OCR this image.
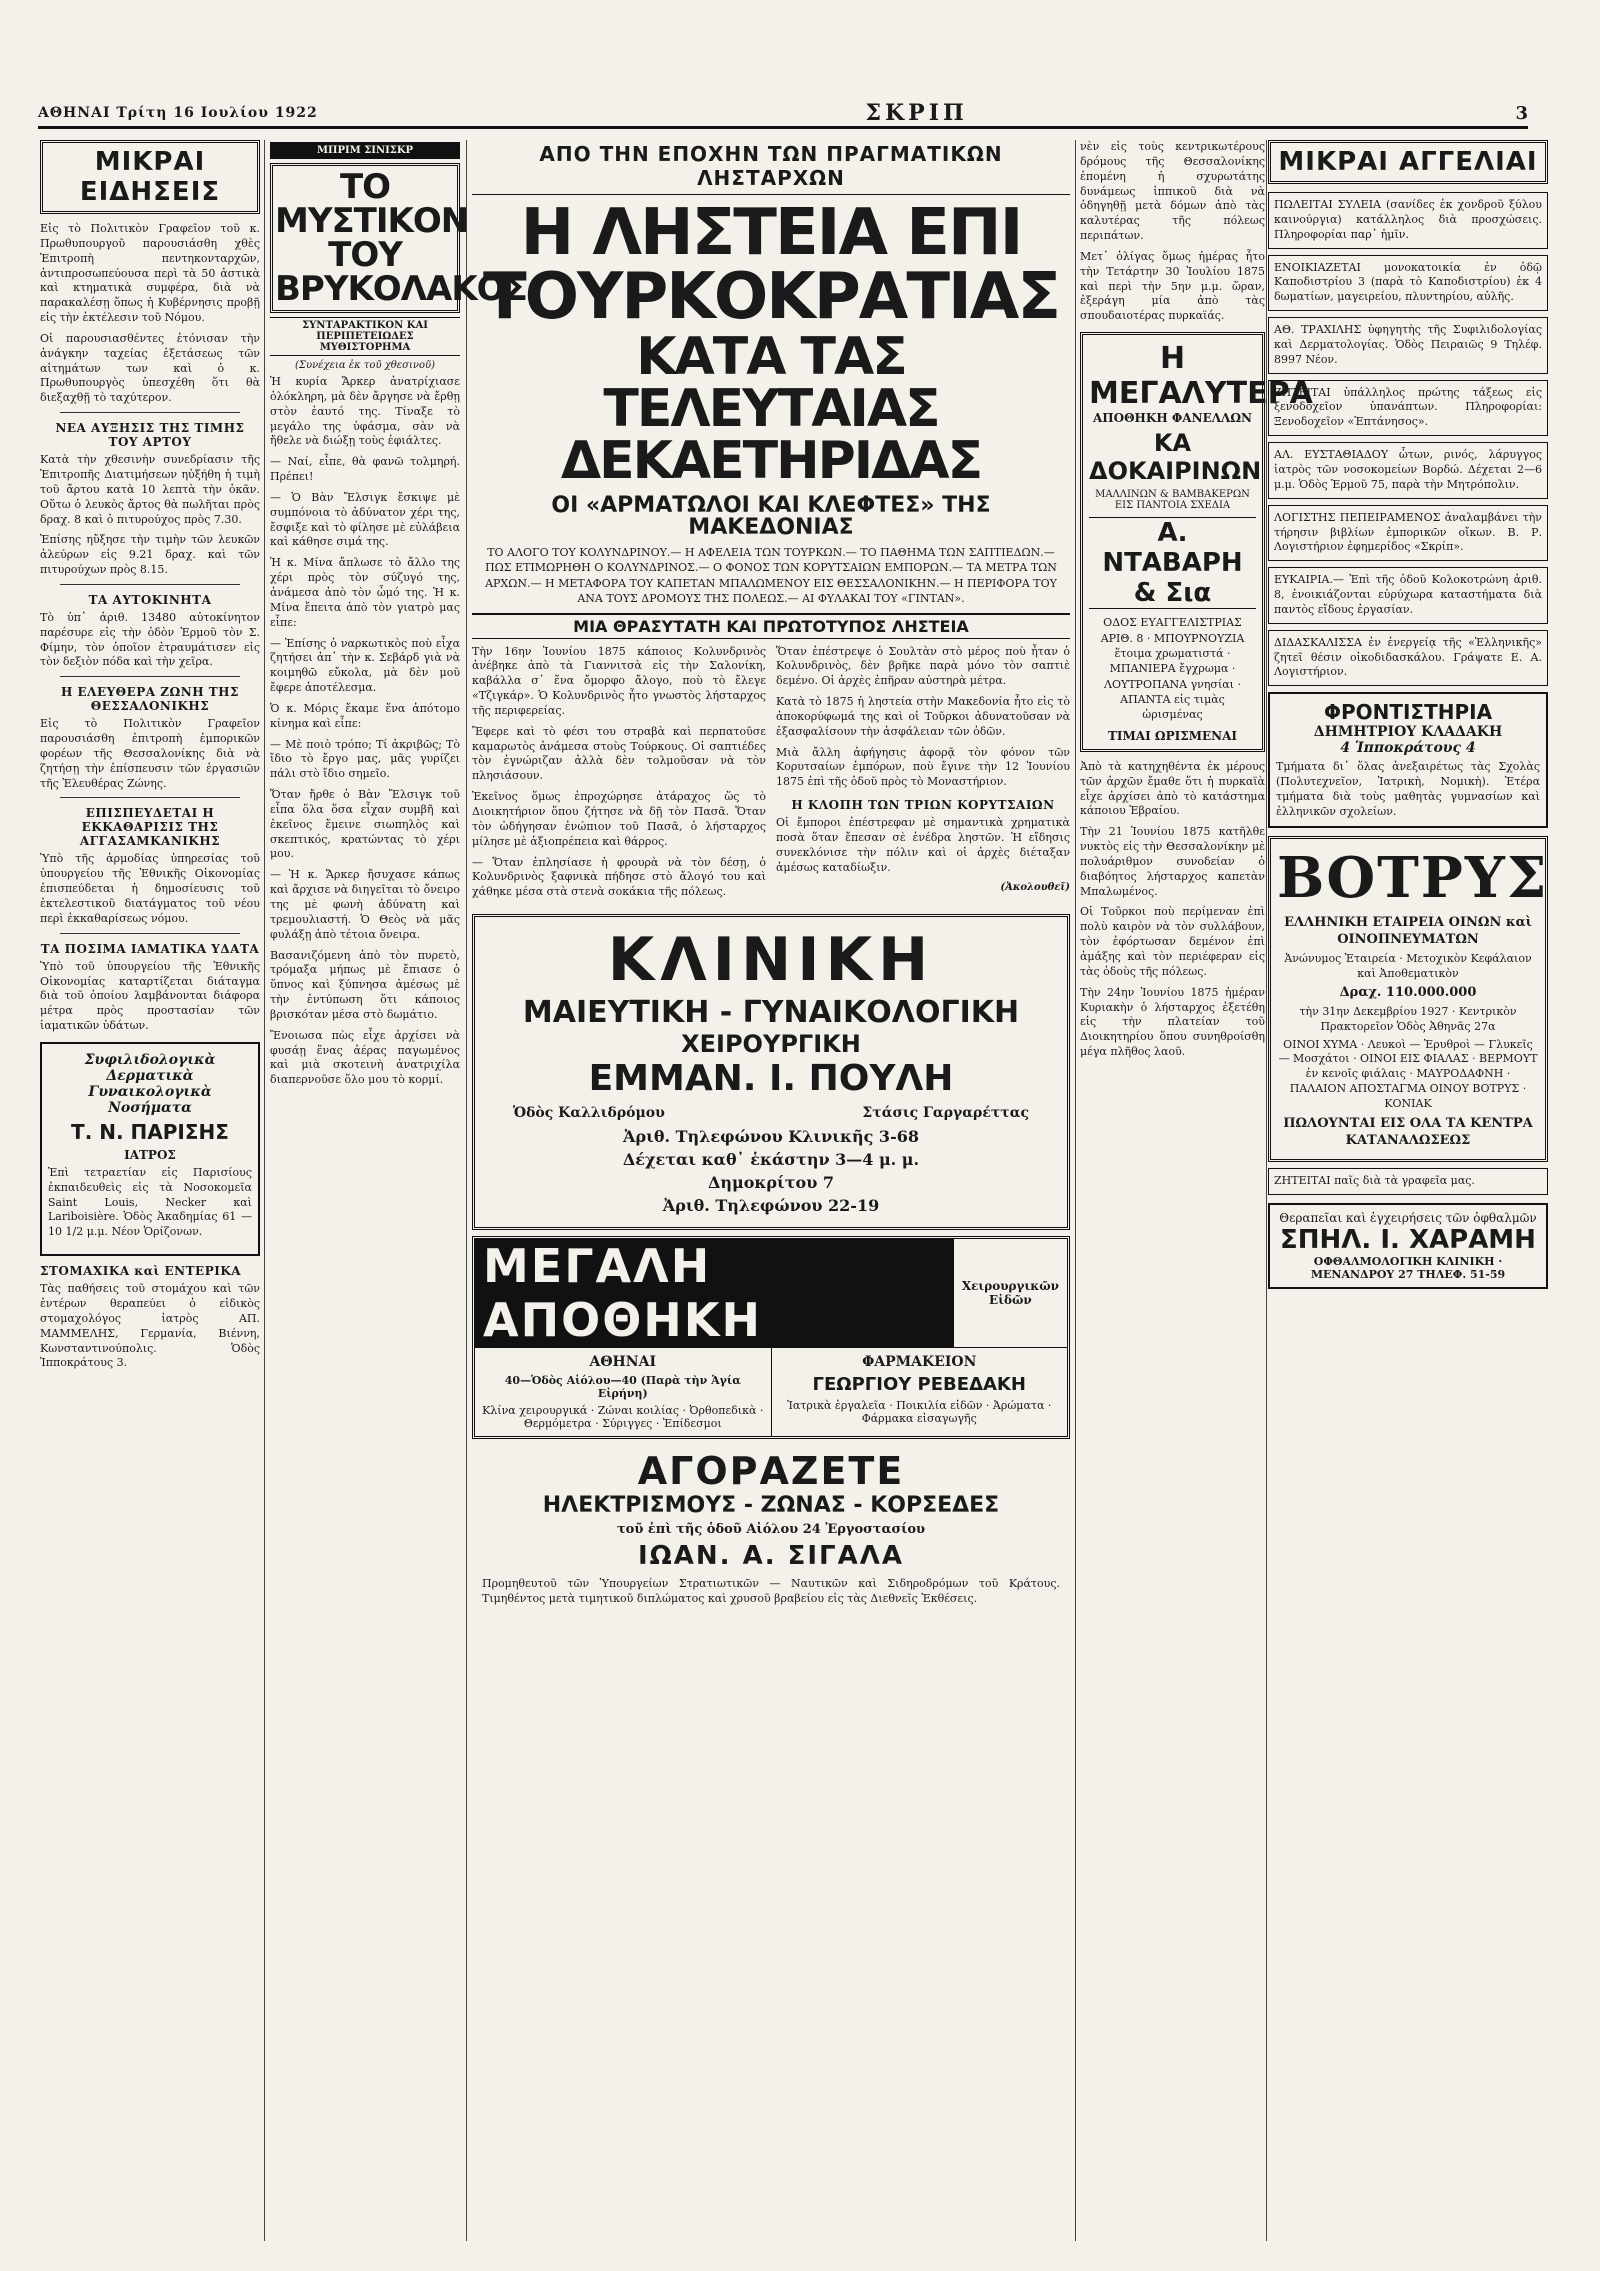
ΑΘΗΝΑΙ Τρίτη 16 Ιουλίου 1922	ΣΚΡΙΠ	3
ΜΙΚΡΑΙ ΕΙΔΗΣΕΙΣ

Εἰς τὸ Πολιτικὸν Γραφεῖον τοῦ κ. Πρωθυπουργοῦ παρουσιάσθη χθὲς Ἐπιτροπὴ πεντηκονταρχῶν, ἀντιπροσωπεύουσα περὶ τὰ 50 ἀστικὰ καὶ κτηματικὰ συμφέρα, διὰ νὰ παρακαλέσῃ ὅπως ἡ Κυβέρνησις προβῇ εἰς τὴν ἐκτέλεσιν τοῦ Νόμου.

Οἱ παρουσιασθέντες ἐτόνισαν τὴν ἀνάγκην ταχείας ἐξετάσεως τῶν αἰτημάτων των καὶ ὁ κ. Πρωθυπουργὸς ὑπεσχέθη ὅτι θὰ διεξαχθῇ τὸ ταχύτερον.

ΝΕΑ ΑΥΞΗΣΙΣ ΤΗΣ ΤΙΜΗΣ ΤΟΥ ΑΡΤΟΥ

Κατὰ τὴν χθεσινὴν συνεδρίασιν τῆς Ἐπιτροπῆς Διατιμήσεων ηὐξήθη ἡ τιμὴ τοῦ ἄρτου κατὰ 10 λεπτὰ τὴν ὀκᾶν. Οὕτω ὁ λευκὸς ἄρτος θὰ πωλῆται πρὸς δραχ. 8 καὶ ὁ πιτυρούχος πρὸς 7.30.

Ἐπίσης ηὔξησε τὴν τιμὴν τῶν λευκῶν ἀλεύρων εἰς 9.21 δραχ. καὶ τῶν πιτυρούχων πρὸς 8.15.

ΤΑ ΑΥΤΟΚΙΝΗΤΑ

Τὸ ὑπ᾽ ἀριθ. 13480 αὐτοκίνητον παρέσυρε εἰς τὴν ὁδὸν Ἑρμοῦ τὸν Σ. Φίμην, τὸν ὁποῖον ἐτραυμάτισεν εἰς τὸν δεξιὸν πόδα καὶ τὴν χεῖρα.

Η ΕΛΕΥΘΕΡΑ ΖΩΝΗ ΤΗΣ ΘΕΣΣΑΛΟΝΙΚΗΣ

Εἰς τὸ Πολιτικὸν Γραφεῖον παρουσιάσθη ἐπιτροπὴ ἐμπορικῶν φορέων τῆς Θεσσαλονίκης διὰ νὰ ζητήσῃ τὴν ἐπίσπευσιν τῶν ἐργασιῶν τῆς Ἐλευθέρας Ζώνης.

ΕΠΙΣΠΕΥΔΕΤΑΙ Η ΕΚΚΑΘΑΡΙΣΙΣ ΤΗΣ ΑΓΓΑΣΑΜΚΑΝΙΚΗΣ

Ὑπὸ τῆς ἁρμοδίας ὑπηρεσίας τοῦ ὑπουργείου τῆς Ἐθνικῆς Οἰκονομίας ἐπισπεύδεται ἡ δημοσίευσις τοῦ ἐκτελεστικοῦ διατάγματος τοῦ νέου περὶ ἐκκαθαρίσεως νόμου.

ΤΑ ΠΟΣΙΜΑ ΙΑΜΑΤΙΚΑ ΥΔΑΤΑ

Ὑπὸ τοῦ ὑπουργείου τῆς Ἐθνικῆς Οἰκονομίας καταρτίζεται διάταγμα διὰ τοῦ ὁποίου λαμβάνονται διάφορα μέτρα πρὸς προστασίαν τῶν ἰαματικῶν ὑδάτων.

Συφιλιδολογικὰ Δερματικὰ Γυναικολογικὰ Νοσήματα
Τ. Ν. ΠΑΡΙΣΗΣ
ΙΑΤΡΟΣ

Ἐπὶ τετραετίαν εἰς Παρισίους ἐκπαιδευθεὶς εἰς τὰ Νοσοκομεῖα Saint Louis, Necker καὶ Lariboisière. Ὁδὸς Ἀκαδημίας 61 — 10 1/2 μ.μ. Νέον Ὁρίζονων.

ΣΤΟΜΑΧΙΚΑ καὶ ΕΝΤΕΡΙΚΑ

Τὰς παθήσεις τοῦ στομάχου καὶ τῶν ἐντέρων θεραπεύει ὁ εἰδικὸς στομαχολόγος ἰατρὸς ΑΠ. ΜΑΜΜΕΛΗΣ, Γερμανία, Βιέννη, Κωνσταντινούπολις. Ὁδὸς Ἰπποκράτους 3.

ΜΠΡΙΜ ΣΙΝΙΣΚΡ
ΤΟ ΜΥΣΤΙΚΟΝ ΤΟΥ ΒΡΥΚΟΛΑΚΟΣ
ΣΥΝΤΑΡΑΚΤΙΚΟΝ ΚΑΙ ΠΕΡΙΠΕΤΕΙΩΔΕΣ ΜΥΘΙΣΤΟΡΗΜΑ
(Συνέχεια ἐκ τοῦ χθεσινοῦ)

Ἡ κυρία Ἄρκερ ἀνατρίχιασε ὁλόκληρη, μὰ δὲν ἄργησε νὰ ἔρθῃ στὸν ἑαυτό της. Τίναξε τὸ μεγάλο της ὑφάσμα, σὰν νὰ ἤθελε νὰ διώξῃ τοὺς ἐφιάλτες.

— Ναί, εἶπε, θὰ φανῶ τολμηρή. Πρέπει!

— Ὁ Βὰν Ἔλσιγκ ἔσκιψε μὲ συμπόνοια τὸ ἀδύνατον χέρι της, ἔσφιξε καὶ τὸ φίλησε μὲ εὐλάβεια καὶ κάθησε σιμά της.

Ἡ κ. Μίνα ἄπλωσε τὸ ἄλλο της χέρι πρὸς τὸν σύζυγό της, ἀνάμεσα ἀπὸ τὸν ὦμό της. Ἡ κ. Μίνα ἔπειτα ἀπὸ τὸν γιατρὸ μας εἶπε:

— Ἐπίσης ὁ ναρκωτικὸς ποὺ εἶχα ζητήσει ἀπ᾽ τὴν κ. Σεβάρδ γιὰ νὰ κοιμηθῶ εὔκολα, μὰ δὲν μοῦ ἔφερε ἀποτέλεσμα.

Ὁ κ. Μόρις ἔκαμε ἕνα ἀπότομο κίνημα καὶ εἶπε:

— Μὲ ποιὸ τρόπο; Τί ἀκριβῶς; Τὸ ἴδιο τὸ ἔργο μας, μᾶς γυρίζει πάλι στὸ ἴδιο σημεῖο.

Ὅταν ἤρθε ὁ Βὰν Ἔλσιγκ τοῦ εἶπα ὅλα ὅσα εἶχαν συμβῆ καὶ ἐκεῖνος ἔμεινε σιωπηλὸς καὶ σκεπτικός, κρατώντας τὸ χέρι μου.

— Ἡ κ. Ἄρκερ ἤσυχασε κάπως καὶ ἄρχισε νὰ διηγεῖται τὸ ὄνειρο της μὲ φωνὴ ἀδύνατη καὶ τρεμουλιαστή. Ὁ Θεὸς νὰ μᾶς φυλάξῃ ἀπὸ τέτοια ὄνειρα.

Βασανιζόμενη ἀπὸ τὸν πυρετὸ, τρόμαξα μήπως μὲ ἔπιασε ὁ ὕπνος καὶ ξύπνησα ἀμέσως μὲ τὴν ἐντύπωση ὅτι κάποιος βρισκόταν μέσα στὸ δωμάτιο.

Ἔνοιωσα πὼς εἶχε ἀρχίσει νὰ φυσάῃ ἕνας ἀέρας παγωμένος καὶ μιὰ σκοτεινὴ ἀνατριχίλα διαπερνοῦσε ὅλο μου τὸ κορμί.

ΑΠΟ ΤΗΝ ΕΠΟΧΗΝ ΤΩΝ ΠΡΑΓΜΑΤΙΚΩΝ ΛΗΣΤΑΡΧΩΝ
Η ΛΗΣΤΕΙΑ ΕΠΙ ΤΟΥΡΚΟΚΡΑΤΙΑΣ
ΚΑΤΑ ΤΑΣ ΤΕΛΕΥΤΑΙΑΣ ΔΕΚΑΕΤΗΡΙΔΑΣ
ΟΙ «ΑΡΜΑΤΩΛΟΙ ΚΑΙ ΚΛΕΦΤΕΣ» ΤΗΣ ΜΑΚΕΔΟΝΙΑΣ
ΤΟ ΑΛΟΓΟ ΤΟΥ ΚΟΛΥΝΔΡΙΝΟΥ.— Η ΑΦΕΛΕΙΑ ΤΩΝ ΤΟΥΡΚΩΝ.— ΤΟ ΠΑΘΗΜΑ ΤΩΝ ΣΑΠΤΙΕΔΩΝ.— ΠΩΣ ΕΤΙΜΩΡΗΘΗ Ο ΚΟΛΥΝΔΡΙΝΟΣ.— Ο ΦΟΝΟΣ ΤΩΝ ΚΟΡΥΤΣΑΙΩΝ ΕΜΠΟΡΩΝ.— ΤΑ ΜΕΤΡΑ ΤΩΝ ΑΡΧΩΝ.— Η ΜΕΤΑΦΟΡΑ ΤΟΥ ΚΑΠΕΤΑΝ ΜΠΑΛΩΜΕΝΟΥ ΕΙΣ ΘΕΣΣΑΛΟΝΙΚΗΝ.— Η ΠΕΡΙΦΟΡΑ ΤΟΥ ΑΝΑ ΤΟΥΣ ΔΡΟΜΟΥΣ ΤΗΣ ΠΟΛΕΩΣ.— ΑΙ ΦΥΛΑΚΑΙ ΤΟΥ «ΓΙΝΤΑΝ».
ΜΙΑ ΘΡΑΣΥΤΑΤΗ ΚΑΙ ΠΡΩΤΟΤΥΠΟΣ ΛΗΣΤΕΙΑ

Τὴν 16ην Ἰουνίου 1875 κάποιος Κολυνδρινὸς ἀνέβηκε ἀπὸ τὰ Γιαννιτσὰ εἰς τὴν Σαλονίκη, καβάλλα σ᾽ ἕνα ὄμορφο ἄλογο, ποὺ τὸ ἔλεγε «Τζιγκάρ». Ὁ Κολυνδρινὸς ἦτο γνωστὸς λήσταρχος τῆς περιφερείας.

Ἔφερε καὶ τὸ φέσι του στραβὰ καὶ περπατοῦσε καμαρωτὸς ἀνάμεσα στοὺς Τούρκους. Οἱ σαπτιέδες τὸν ἐγνώριζαν ἀλλὰ δὲν τολμοῦσαν νὰ τὸν πλησιάσουν.

Ἐκεῖνος ὅμως ἐπροχώρησε ἀτάραχος ὥς τὸ Διοικητήριον ὅπου ζήτησε νὰ δῇ τὸν Πασᾶ. Ὅταν τὸν ὡδήγησαν ἐνώπιον τοῦ Πασᾶ, ὁ λήσταρχος μίλησε μὲ ἀξιοπρέπεια καὶ θάρρος.

— Ὅταν ἐπλησίασε ἡ φρουρὰ νὰ τὸν δέσῃ, ὁ Κολυνδρινὸς ξαφνικὰ πήδησε στὸ ἄλογό του καὶ χάθηκε μέσα στὰ στενὰ σοκάκια τῆς πόλεως.

Ὅταν ἐπέστρεψε ὁ Σουλτὰν στὸ μέρος ποὺ ἦταν ὁ Κολυνδρινὸς, δὲν βρῆκε παρὰ μόνο τὸν σαπτιὲ δεμένο. Οἱ ἀρχὲς ἐπῆραν αὐστηρὰ μέτρα.

Κατὰ τὸ 1875 ἡ ληστεία στὴν Μακεδονία ἦτο εἰς τὸ ἀποκορύφωμά της καὶ οἱ Τοῦρκοι ἀδυνατοῦσαν νὰ ἐξασφαλίσουν τὴν ἀσφάλειαν τῶν ὁδῶν.

Μιὰ ἄλλη ἀφήγησις ἀφορᾷ τὸν φόνον τῶν Κορυτσαίων ἐμπόρων, ποὺ ἔγινε τὴν 12 Ἰουνίου 1875 ἐπὶ τῆς ὁδοῦ πρὸς τὸ Μοναστήριον.

Η ΚΛΟΠΗ ΤΩΝ ΤΡΙΩΝ ΚΟΡΥΤΣΑΙΩΝ

Οἱ ἔμποροι ἐπέστρεφαν μὲ σημαντικὰ χρηματικὰ ποσὰ ὅταν ἔπεσαν σὲ ἐνέδρα ληστῶν. Ἡ εἴδησις συνεκλόνισε τὴν πόλιν καὶ οἱ ἀρχὲς διέταξαν ἀμέσως καταδίωξιν.

(Ἀκολουθεῖ)
ΚΛΙΝΙΚΗ
ΜΑΙΕΥΤΙΚΗ - ΓΥΝΑΙΚΟΛΟΓΙΚΗ
ΧΕΙΡΟΥΡΓΙΚΗ
ΕΜΜΑΝ. Ι. ΠΟΥΛΗ
Ὁδὸς Καλλιδρόμου	Στάσις Γαργαρέττας
Ἀριθ. Τηλεφώνου Κλινικῆς 3-68
Δέχεται καθ᾽ ἑκάστην 3—4 μ. μ.
Δημοκρίτου 7
Ἀριθ. Τηλεφώνου 22-19
ΜΕΓΑΛΗ ΑΠΟΘΗΚΗ
Χειρουργικῶν Εἰδῶν
ΑΘΗΝΑΙ
40—Ὁδὸς Αἰόλου—40 (Παρὰ τὴν Ἁγία Εἰρήνη)
Κλίνα χειρουργικά · Ζώναι κοιλίας · Ὀρθοπεδικὰ · Θερμόμετρα · Σύριγγες · Ἐπίδεσμοι
ΦΑΡΜΑΚΕΙΟΝ
ΓΕΩΡΓΙΟΥ ΡΕΒΕΔΑΚΗ
Ἰατρικὰ ἐργαλεῖα · Ποικιλία εἰδῶν · Ἀρώματα · Φάρμακα εἰσαγωγῆς
ΑΓΟΡΑΖΕΤΕ
ΗΛΕΚΤΡΙΣΜΟΥΣ - ΖΩΝΑΣ - ΚΟΡΣΕΔΕΣ
τοῦ ἐπὶ τῆς ὁδοῦ Αἰόλου 24 Ἐργοστασίου
ΙΩΑΝ. Α. ΣΙΓΑΛΑ
Προμηθευτοῦ τῶν Ὑπουργείων Στρατιωτικῶν — Ναυτικῶν καὶ Σιδηροδρόμων τοῦ Κράτους. Τιμηθέντος μετὰ τιμητικοῦ διπλώματος καὶ χρυσοῦ βραβείου εἰς τὰς Διεθνεῖς Ἐκθέσεις.

νὲν εἰς τοὺς κεντρικωτέρους δρόμους τῆς Θεσσαλονίκης ἐπομένη ἡ σχυρωτάτης δυνάμεως ἱππικοῦ διὰ νὰ ὁδηγηθῇ μετὰ δόμων ἀπὸ τὰς καλυτέρας τῆς πόλεως περιπάτων.

Μετ᾽ ὀλίγας ὅμως ἡμέρας ἦτο τὴν Τετάρτην 30 Ἰουλίου 1875 καὶ περὶ τὴν 5ην μ.μ. ὥραν, ἐξεράγη μία ἀπὸ τὰς σπουδαιοτέρας πυρκαϊάς.

Η ΜΕΓΑΛΥΤΕΡΑ
ΑΠΟΘΗΚΗ ΦΑΝΕΛΛΩΝ
ΚΑ ΔΟΚΑΙΡΙΝΩΝ
ΜΑΛΛΙΝΩΝ & ΒΑΜΒΑΚΕΡΩΝ ΕΙΣ ΠΑΝΤΟΙΑ ΣΧΕΔΙΑ
Α. ΝΤΑΒΑΡΗ & Σια
ΟΔΟΣ ΕΥΑΓΓΕΛΙΣΤΡΙΑΣ ΑΡΙΘ. 8 · ΜΠΟΥΡΝΟΥΖΙΑ ἕτοιμα χρωματιστά · ΜΠΑΝΙΕΡΑ ἔγχρωμα · ΛΟΥΤΡΟΠΑΝΑ γνησίαι · ΑΠΑΝΤΑ εἰς τιμὰς ὡρισμένας
ΤΙΜΑΙ ΩΡΙΣΜΕΝΑΙ

Ἀπὸ τὰ κατηχηθέντα ἐκ μέρους τῶν ἀρχῶν ἔμαθε ὅτι ἡ πυρκαϊὰ εἶχε ἀρχίσει ἀπὸ τὸ κατάστημα κάποιου Ἑβραίου.

Τὴν 21 Ἰουνίου 1875 κατῆλθε νυκτὸς εἰς τὴν Θεσσαλονίκην μὲ πολυάριθμον συνοδείαν ὁ διαβόητος λήσταρχος καπετὰν Μπαλωμένος.

Οἱ Τοῦρκοι ποὺ περίμεναν ἐπὶ πολὺ καιρὸν νὰ τὸν συλλάβουν, τὸν ἐφόρτωσαν δεμένον ἐπὶ ἁμάξης καὶ τὸν περιέφεραν εἰς τὰς ὁδοὺς τῆς πόλεως.

Τὴν 24ην Ἰουνίου 1875 ἡμέραν Κυριακὴν ὁ λήσταρχος ἐξετέθη εἰς τὴν πλατείαν τοῦ Διοικητηρίου ὅπου συνηθροίσθη μέγα πλῆθος λαοῦ.

ΜΙΚΡΑΙ ΑΓΓΕΛΙΑΙ
ΠΩΛΕΙΤΑΙ ΣΥΛΕΙΑ (σανίδες ἐκ χονδροῦ ξύλου καινούργια) κατάλληλος διὰ προσχώσεις. Πληροφορίαι παρ᾽ ἡμῖν.
ΕΝΟΙΚΙΑΖΕΤΑΙ μονοκατοικία ἐν ὁδῷ Καποδιστρίου 3 (παρὰ τὸ Καποδιστρίου) ἐκ 4 δωματίων, μαγειρείου, πλυντηρίου, αὐλῆς.
ΑΘ. ΤΡΑΧΙΛΗΣ ὑφηγητὴς τῆς Συφιλιδολογίας καὶ Δερματολογίας. Ὁδὸς Πειραιῶς 9 Τηλέφ. 8997 Νέον.
ΖΗΤΕΙΤΑΙ ὑπάλληλος πρώτης τάξεως εἰς ξενοδοχεῖον ὑπανάπτων. Πληροφορίαι: Ξενοδοχεῖον «Ἐπτάνησος».
ΑΛ. ΕΥΣΤΑΘΙΑΔΟΥ ὦτων, ρινός, λάρυγγος ἰατρὸς τῶν νοσοκομείων Βορδώ. Δέχεται 2—6 μ.μ. Ὁδὸς Ἑρμοῦ 75, παρὰ τὴν Μητρόπολιν.
ΛΟΓΙΣΤΗΣ ΠΕΠΕΙΡΑΜΕΝΟΣ ἀναλαμβάνει τὴν τήρησιν βιβλίων ἐμπορικῶν οἴκων. Β. Ρ. Λογιστήριον ἐφημερίδος «Σκρίπ».
ΕΥΚΑΙΡΙΑ.— Ἐπὶ τῆς ὁδοῦ Κολοκοτρώνη ἀριθ. 8, ἐνοικιάζονται εὐρύχωρα καταστήματα διὰ παντὸς εἴδους ἐργασίαν.
ΔΙΔΑΣΚΑΛΙΣΣΑ ἐν ἐνεργείᾳ τῆς «Ἑλληνικῆς» ζητεῖ θέσιν οἰκοδιδασκάλου. Γράψατε Ε. Α. Λογιστήριον.
ΦΡΟΝΤΙΣΤΗΡΙΑ
ΔΗΜΗΤΡΙΟΥ ΚΛΑΔΑΚΗ
4 Ἱπποκράτους 4
Τμήματα δι᾽ ὅλας ἀνεξαιρέτως τὰς Σχολὰς (Πολυτεχνεῖον, Ἰατρικὴ, Νομικὴ). Ἐτέρα τμήματα διὰ τοὺς μαθητὰς γυμνασίων καὶ ἐλληνικῶν σχολείων.
ΒΟΤΡΥΣ

ΕΛΛΗΝΙΚΗ ΕΤΑΙΡΕΙΑ ΟΙΝΩΝ καὶ ΟΙΝΟΠΝΕΥΜΑΤΩΝ

Ἀνώνυμος Ἑταιρεία · Μετοχικὸν Κεφάλαιον καὶ Ἀποθεματικὸν

Δραχ. 110.000.000

τὴν 31ην Δεκεμβρίου 1927 · Κεντρικὸν Πρακτορεῖον Ὁδὸς Ἀθηνᾶς 27α

ΟΙΝΟΙ ΧΥΜΑ · Λευκοὶ — Ἐρυθροὶ — Γλυκεῖς — Μοσχάτοι · ΟΙΝΟΙ ΕΙΣ ΦΙΑΛΑΣ · ΒΕΡΜΟΥΤ ἐν κενοῖς φιάλαις · ΜΑΥΡΟΔΑΦΝΗ · ΠΑΛΑΙΟΝ ΑΠΟΣΤΑΓΜΑ ΟΙΝΟΥ ΒΟΤΡΥΣ · ΚΟΝΙΑΚ

ΠΩΛΟΥΝΤΑΙ ΕΙΣ ΟΛΑ ΤΑ ΚΕΝΤΡΑ ΚΑΤΑΝΑΛΩΣΕΩΣ

ΖΗΤΕΙΤΑΙ παῖς διὰ τὰ γραφεῖα μας.
Θεραπεῖαι καὶ ἐγχειρήσεις τῶν ὀφθαλμῶν
ΣΠΗΛ. Ι. ΧΑΡΑΜΗ
ΟΦΘΑΛΜΟΛΟΓΙΚΗ ΚΛΙΝΙΚΗ · ΜΕΝΑΝΔΡΟΥ 27 ΤΗΛΕΦ. 51-59
